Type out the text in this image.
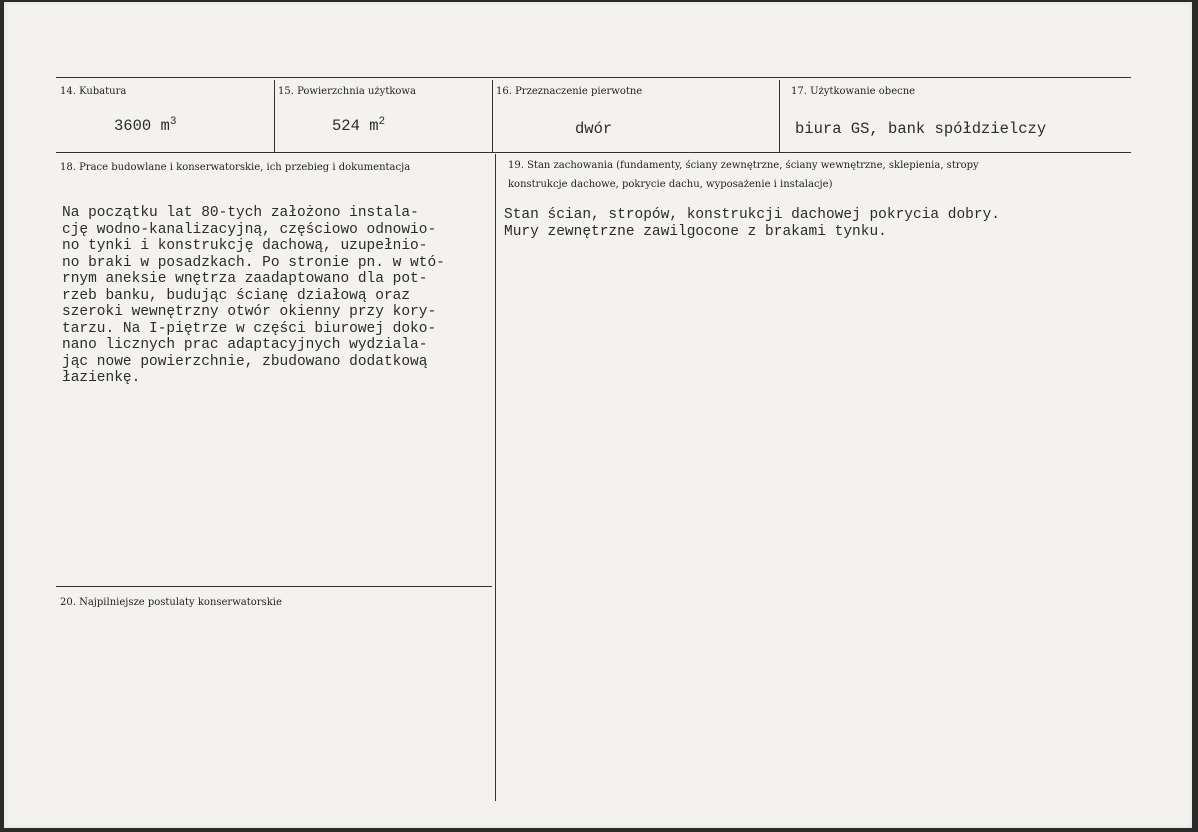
14. Kubatura
3600 $m^3$
15. Powierzchnia użytkowa
524 $m^2$
16. Przeznaczenie pierwotne
dwór
17. Użytkowanie obecne
biura GS, bank spółdzielczy
18. Prace budowlane i konserwatorskie, ich przebieg i dokumentacja
Na początku lat 80-tych założono instala-
cję wodno-kanalizacyjną, częściowo odnowio-
no tynki i konstrukcję dachową, uzupełnio-
no braki w posadzkach. Po stronie pn. w wtó-
rnym aneksie wnętrza zaadaptowano dla pot-
rzeb banku, budując ścianę działową oraz
szeroki wewnętrzny otwór okienny przy kory-
tarzu. Na I-piętrze w części biurowej doko-
nano licznych prac adaptacyjnych wydziala-
jąc nowe powierzchnie, zbudowano dodatkową
łazienkę.
19. Stan zachowania (fundamenty, ściany zewnętrzne, ściany wewnętrzne, sklepienia, stropy
konstrukcje dachowe, pokrycie dachu, wyposażenie i instalacje)
Stan ścian, stropów, konstrukcji dachowej pokrycia dobry.
Mury zewnętrzne zawilgocone z brakami tynku.
20. Najpilniejsze postulaty konserwatorskie
